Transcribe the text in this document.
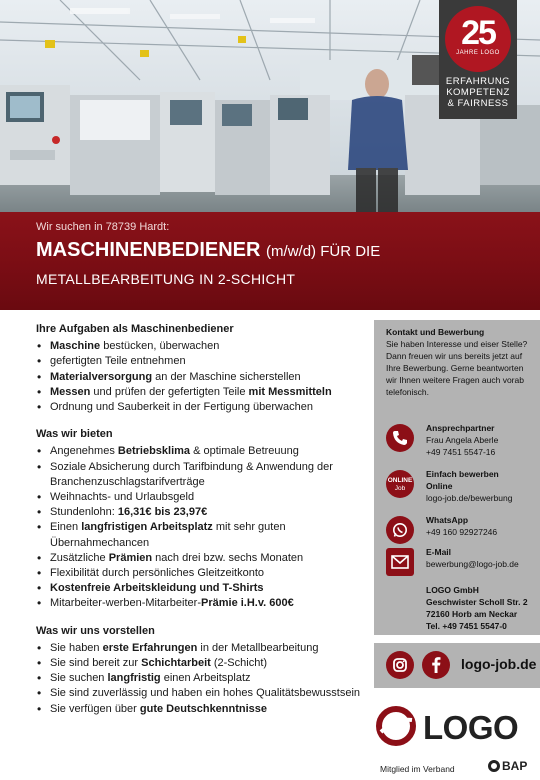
25
JAHRE LOGO
ERFAHRUNG
KOMPETENZ
& FAIRNESS
Wir suchen in 78739 Hardt:
MASCHINENBEDIENER (m/w/d) FÜR DIE
METALLBEARBEITUNG IN 2-SCHICHT
Ihre Aufgaben als Maschinenbediener
• Maschine bestücken, überwachen
• gefertigten Teile entnehmen
• Materialversorgung an der Maschine sicherstellen
• Messen und prüfen der gefertigten Teile mit Messmitteln
• Ordnung und Sauberkeit in der Fertigung überwachen
Was wir bieten
• Angenehmes Betriebsklima & optimale Betreuung
• Soziale Absicherung durch Tarifbindung & Anwendung der Branchenzuschlagstarifverträge
• Weihnachts- und Urlaubsgeld
• Stundenlohn: 16,31€ bis 23,97€
• Einen langfristigen Arbeitsplatz mit sehr guten Übernahmechancen
• Zusätzliche Prämien nach drei bzw. sechs Monaten
• Flexibilität durch persönliches Gleitzeitkonto
• Kostenfreie Arbeitskleidung und T-Shirts
• Mitarbeiter-werben-Mitarbeiter-Prämie i.H.v. 600€
Was wir uns vorstellen
• Sie haben erste Erfahrungen in der Metallbearbeitung
• Sie sind bereit zur Schichtarbeit (2-Schicht)
• Sie suchen langfristig einen Arbeitsplatz
• Sie sind zuverlässig und haben ein hohes Qualitätsbewusstsein
• Sie verfügen über gute Deutschkenntnisse
Kontakt und Bewerbung
Sie haben Interesse und eiser Stelle? Dann freuen wir uns bereits jetzt auf Ihre Bewerbung. Gerne beantworten wir Ihnen weitere Fragen auch vorab telefonisch.
Ansprechpartner
Frau Angela Aberle
+49 7451 5547-16
ONLINE
Job
Einfach bewerben
Online
logo-job.de/bewerbung
WhatsApp
+49 160 92927246
E-Mail
bewerbung@logo-job.de
LOGO GmbH
Geschwister Scholl Str. 2
72160 Horb am Neckar
Tel. +49 7451 5547-0
logo-job.de
LOGO
Mitglied im Verband	BAP
